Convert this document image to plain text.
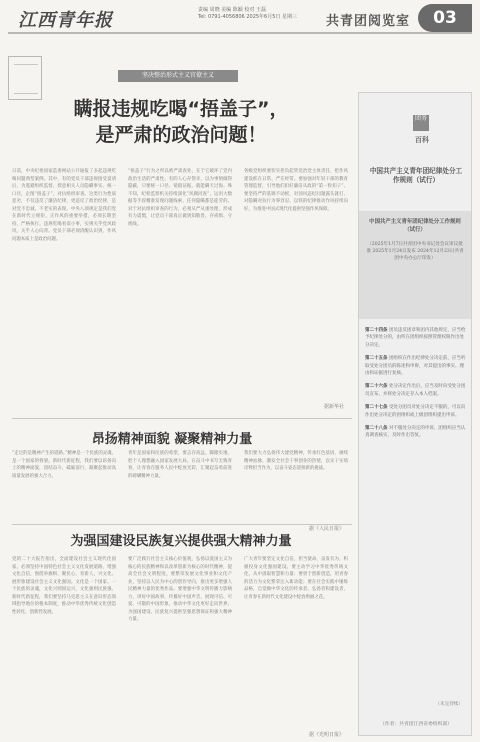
江西青年报	责编 周晓 美编 陈颖 校对 王磊
Tel: 0791-4056806 2025年6月5日 星期三	共青团阅览室	03
坚决整治形式主义官僚主义
瞒报违规吃喝“捂盖子”，
是严肃的政治问题！
日前，中央纪委国家监委网站公开通报了多起违规吃喝问题典型案例。其中，有的党员干部违规接受宴请后，为逃避组织监督，授意相关人员隐瞒事实、统一口径，企图“捂盖子”，对抗组织审查。这类行为性质恶劣，不仅违反了廉洁纪律，更违反了政治纪律，是对党不忠诚、不老实的表现。中央八项规定是我们党在新时代立规矩、正作风的重要举措，必须长期坚持、严格执行。违规吃喝看似小事，实则关乎党风政风，关乎人心向背。党员干部必须清醒认识到，作风问题本质上是政治问题。
“捂盖子”行为之所以被严肃查处，在于它破坏了党内政治生活的严肃性。有的人心存侥幸，以为事情做得隐蔽，只要统一口径、销毁证据，就能瞒天过海。殊不知，纪检监察机关持续深化“风腐同查”，运用大数据等手段精准发现问题线索，任何隐瞒都是徒劳的。对于对抗组织审查的行为，必须从严从重处理，形成有力震慑，让党员干部真正做到知敬畏、存戒惧、守底线。
各级党组织要切实担负起管党治党主体责任，把作风建设抓在日常、严在经常。要加强对年轻干部的教育管理监督，引导他们扣好廉洁从政的“第一粒扣子”。要坚持严的基调不动摇，对顶风违纪问题露头就打，对隐瞒对抗行为零容忍，以铁的纪律推动作风持续向好，为推进中国式现代化提供坚强作风保障。
据新华社
昂扬精神面貌 凝聚精神力量
“走过的是精神产生的道路。”精神是一个民族的灵魂，是一个国家的脊梁。新时代新征程，我们要以昂扬向上的精神面貌，团结奋斗，砥砺前行，凝聚起推动高质量发展的强大合力。
青年是国家和民族的希望，要志存高远、脚踏实地，把个人理想融入国家发展大局，在奋斗中书写无悔青春，让青春在服务人民中绽放光彩，汇聚起奋勇前进的磅礴精神力量。
我们要大力弘扬伟大建党精神，传承红色基因，赓续精神血脉，激发全社会干事创业的热情，以实干实绩诠释担当作为，以奋斗姿态迎接新的挑战。
据《人民日报》
为强国建设民族复兴提供强大精神力量
党的二十大报告指出，全面建设社会主义现代化国家，必须坚持中国特色社会主义文化发展道路，增强文化自信，围绕举旗帜、聚民心、育新人、兴文化、展形象建设社会主义文化强国。文化是一个国家、一个民族的灵魂，文化兴则国运兴，文化强则民族强。新时代新征程，我们要坚持马克思主义在意识形态领域指导地位的根本制度，推动中华优秀传统文化创造性转化、创新性发展。
要广泛践行社会主义核心价值观，弘扬以爱国主义为核心的民族精神和以改革创新为核心的时代精神，提高全社会文明程度。要繁荣发展文化事业和文化产业，坚持以人民为中心的创作导向，推出更多增强人民精神力量的优秀作品。要增强中华文明传播力影响力，讲好中国故事，传播好中国声音，展现可信、可爱、可敬的中国形象，推动中华文化更好走向世界，为强国建设、民族复兴提供坚强思想保证和强大精神力量。
广大青年要坚定文化自信，担当使命，奋发有为，积极投身文化强国建设。要主动学习中华优秀传统文化，从中汲取智慧和力量；要勇于创新创造，用青春的活力为文化繁荣注入新动能；要在社会实践中锤炼品格，自觉做中华文化的传承者、弘扬者和建设者，让青春在新时代文化建设中绽放绚丽之花。
据《光明日报》
团务
百科
中国共产主义青年团纪律处分工作规则（试行）
中国共产主义青年团纪律处分工作规则（试行）
（2025年1月7日共青团中央书记处会议审议批准 2025年1月24日发布 2024年12月23日共青团中央办公厅印发）

第二十四条 团员违反团章和团内其他规定，应当给予纪律处分的，由所在团组织按照管理权限作出处分决定。

第二十五条 团组织在作出纪律处分决定前，应当听取受处分团员的陈述和申辩，对其提出的事实、理由和证据进行复核。

第二十六条 处分决定作出后，应当及时向受处分团员宣布，并将处分决定存入本人档案。

第二十七条 受处分团员对处分决定不服的，可以向作出处分决定的团组织或上级团组织提出申诉。

第二十八条 对不服处分决定的申诉，团组织应当认真调查核实，及时作出答复。

（未完待续）
（作者：共青团江西省委组织部）
